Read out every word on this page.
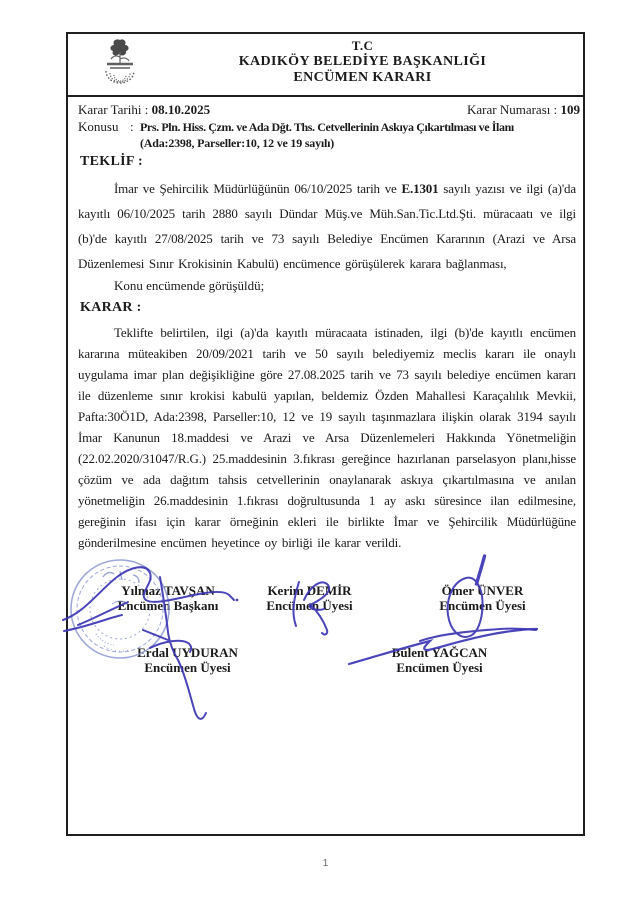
T.C
KADIKÖY BELEDİYE BAŞKANLIĞI
ENCÜMEN KARARI
Karar Tarihi : 08.10.2025	Karar Numarası : 109
Konusu : Prs. Pln. Hiss. Çzm. ve Ada Dğt. Ths. Cetvellerinin Askıya Çıkartılması ve İlanı
(Ada:2398, Parseller:10, 12 ve 19 sayılı)
TEKLİF :

İmar ve Şehircilik Müdürlüğünün 06/10/2025 tarih ve E.1301 sayılı yazısı ve ilgi (a)'da kayıtlı 06/10/2025 tarih 2880 sayılı Dündar Müş.ve Müh.San.Tic.Ltd.Şti. müracaatı ve ilgi (b)'de kayıtlı 27/08/2025 tarih ve 73 sayılı Belediye Encümen Kararının (Arazi ve Arsa Düzenlemesi Sınır Krokisinin Kabulü) encümence görüşülerek karara bağlanması,

Konu encümende görüşüldü;
KARAR :

Teklifte belirtilen, ilgi (a)'da kayıtlı müracaata istinaden, ilgi (b)'de kayıtlı encümen kararına müteakiben 20/09/2021 tarih ve 50 sayılı belediyemiz meclis kararı ile onaylı uygulama imar plan değişikliğine göre 27.08.2025 tarih ve 73 sayılı belediye encümen kararı ile düzenleme sınır krokisi kabulü yapılan, beldemiz Özden Mahallesi Karaçalılık Mevkii, Pafta:30Ö1D, Ada:2398, Parseller:10, 12 ve 19 sayılı taşınmazlara ilişkin olarak 3194 sayılı İmar Kanunun 18.maddesi ve Arazi ve Arsa Düzenlemeleri Hakkında Yönetmeliğin (22.02.2020/31047/R.G.) 25.maddesinin 3.fıkrası gereğince hazırlanan parselasyon planı,hisse çözüm ve ada dağıtım tahsis cetvellerinin onaylanarak askıya çıkartılmasına ve anılan yönetmeliğin 26.maddesinin 1.fıkrası doğrultusunda 1 ay askı süresince ilan edilmesine, gereğinin ifası için karar örneğinin ekleri ile birlikte İmar ve Şehircilik Müdürlüğüne gönderilmesine encümen heyetince oy birliği ile karar verildi.

Yılmaz TAVŞAN
Encümen Başkanı
Kerim DEMİR
Encümen Üyesi
Ömer ÜNVER
Encümen Üyesi
Erdal UYDURAN
Encümen Üyesi
Bülent YAĞCAN
Encümen Üyesi
1
